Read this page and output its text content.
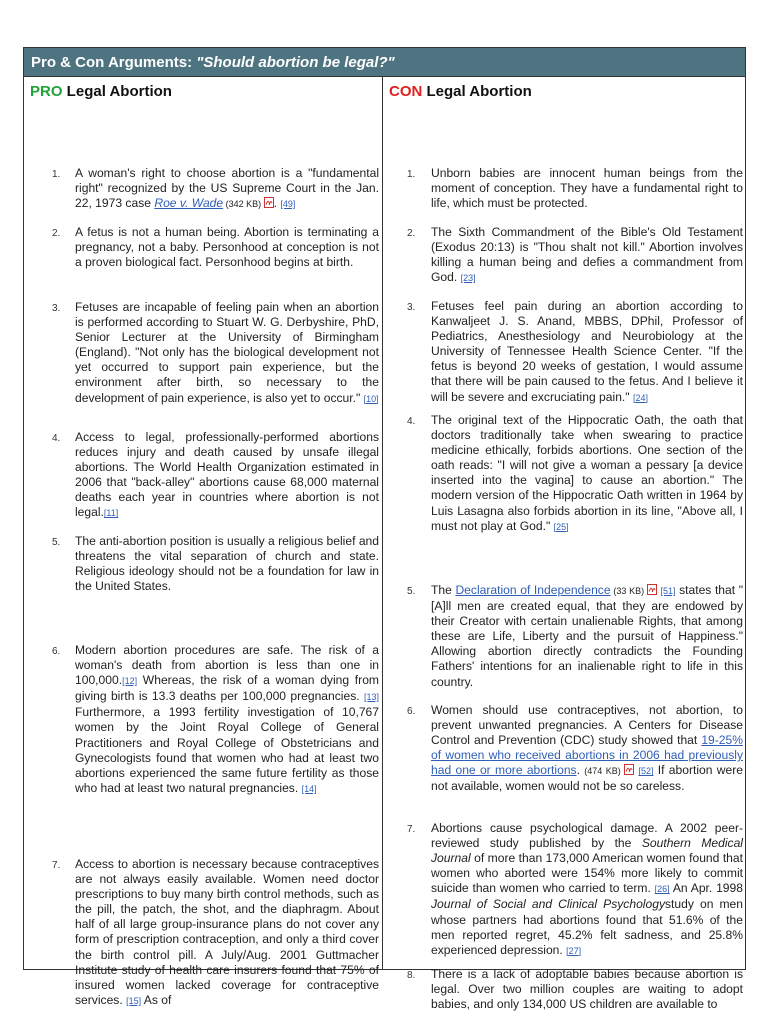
Pro & Con Arguments: "Should abortion be legal?"
PRO Legal Abortion
1. A woman's right to choose abortion is a "fundamental right" recognized by the US Supreme Court in the Jan. 22, 1973 case Roe v. Wade (342 KB) . [49]
2. A fetus is not a human being. Abortion is terminating a pregnancy, not a baby. Personhood at conception is not a proven biological fact. Personhood begins at birth.
3. Fetuses are incapable of feeling pain when an abortion is performed according to Stuart W. G. Derbyshire, PhD, Senior Lecturer at the University of Birmingham (England). "Not only has the biological development not yet occurred to support pain experience, but the environment after birth, so necessary to the development of pain experience, is also yet to occur." [10]
4. Access to legal, professionally-performed abortions reduces injury and death caused by unsafe illegal abortions. The World Health Organization estimated in 2006 that "back-alley" abortions cause 68,000 maternal deaths each year in countries where abortion is not legal.[11]
5. The anti-abortion position is usually a religious belief and threatens the vital separation of church and state. Religious ideology should not be a foundation for law in the United States.
6. Modern abortion procedures are safe. The risk of a woman's death from abortion is less than one in 100,000.[12] Whereas, the risk of a woman dying from giving birth is 13.3 deaths per 100,000 pregnancies. [13] Furthermore, a 1993 fertility investigation of 10,767 women by the Joint Royal College of General Practitioners and Royal College of Obstetricians and Gynecologists found that women who had at least two abortions experienced the same future fertility as those who had at least two natural pregnancies. [14]
7. Access to abortion is necessary because contraceptives are not always easily available. Women need doctor prescriptions to buy many birth control methods, such as the pill, the patch, the shot, and the diaphragm. About half of all large group-insurance plans do not cover any form of prescription contraception, and only a third cover the birth control pill. A July/Aug. 2001 Guttmacher Institute study of health care insurers found that 75% of insured women lacked coverage for contraceptive services. [15] As of
CON Legal Abortion
1. Unborn babies are innocent human beings from the moment of conception. They have a fundamental right to life, which must be protected.
2. The Sixth Commandment of the Bible's Old Testament (Exodus 20:13) is "Thou shalt not kill." Abortion involves killing a human being and defies a commandment from God. [23]
3. Fetuses feel pain during an abortion according to Kanwaljeet J. S. Anand, MBBS, DPhil, Professor of Pediatrics, Anesthesiology and Neurobiology at the University of Tennessee Health Science Center. "If the fetus is beyond 20 weeks of gestation, I would assume that there will be pain caused to the fetus. And I believe it will be severe and excruciating pain." [24]
4. The original text of the Hippocratic Oath, the oath that doctors traditionally take when swearing to practice medicine ethically, forbids abortions. One section of the oath reads: "I will not give a woman a pessary [a device inserted into the vagina] to cause an abortion." The modern version of the Hippocratic Oath written in 1964 by Luis Lasagna also forbids abortion in its line, "Above all, I must not play at God." [25]
5. The Declaration of Independence (33 KB)  [51] states that "[A]ll men are created equal, that they are endowed by their Creator with certain unalienable Rights, that among these are Life, Liberty and the pursuit of Happiness." Allowing abortion directly contradicts the Founding Fathers' intentions for an inalienable right to life in this country.
6. Women should use contraceptives, not abortion, to prevent unwanted pregnancies. A Centers for Disease Control and Prevention (CDC) study showed that 19-25% of women who received abortions in 2006 had previously had one or more abortions. (474 KB)  [52] If abortion were not available, women would not be so careless.
7. Abortions cause psychological damage. A 2002 peer-reviewed study published by the Southern Medical Journal of more than 173,000 American women found that women who aborted were 154% more likely to commit suicide than women who carried to term. [26] An Apr. 1998 Journal of Social and Clinical Psychologystudy on men whose partners had abortions found that 51.6% of the men reported regret, 45.2% felt sadness, and 25.8% experienced depression. [27]
8. There is a lack of adoptable babies because abortion is legal. Over two million couples are waiting to adopt babies, and only 134,000 US children are available to
